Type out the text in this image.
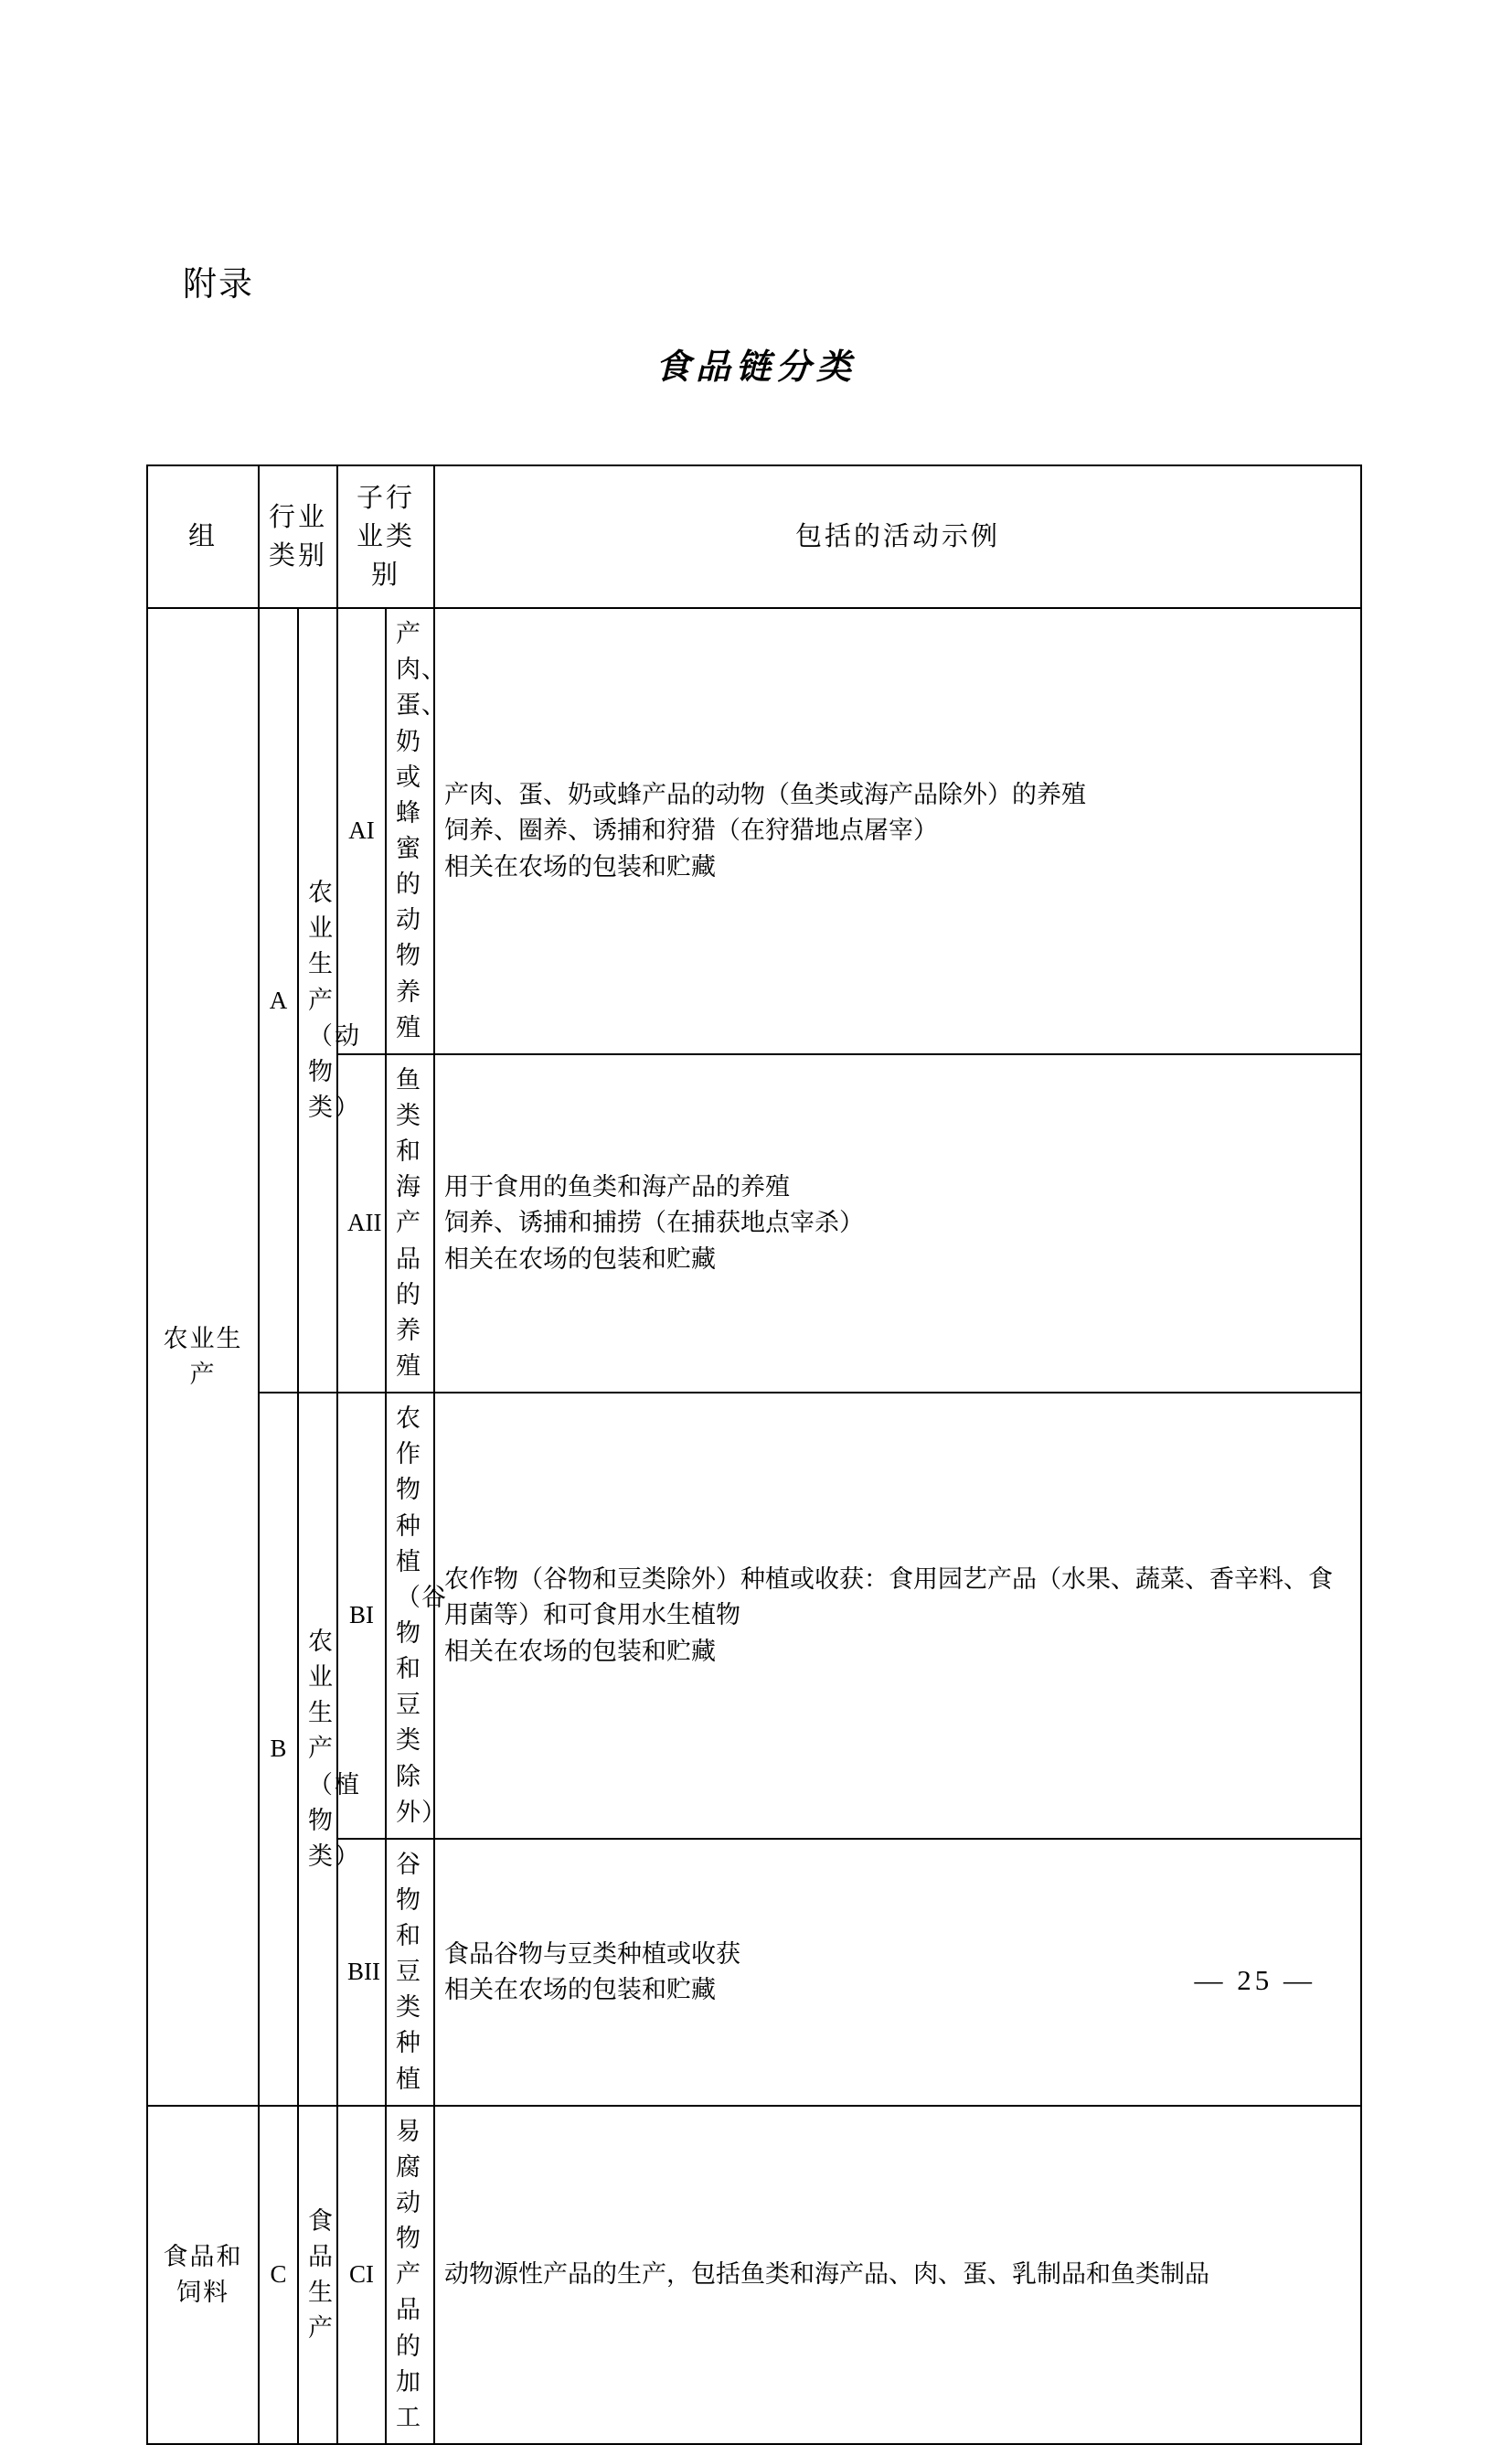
附录
食品链分类
组	行业类别		子行业类别		包括的活动示例
农业生产	A	农业生产（动物类）	AI	产肉、蛋、奶或蜂蜜的动物养殖	产肉、蛋、奶或蜂产品的动物（鱼类或海产品除外）的养殖
饲养、圈养、诱捕和狩猎（在狩猎地点屠宰）
相关在农场的包装和贮藏

			AII	鱼类和海产品的养殖	用于食用的鱼类和海产品的养殖
饲养、诱捕和捕捞（在捕获地点宰杀）
相关在农场的包装和贮藏

	B	农业生产（植物类）	BI	农作物种植（谷物和豆类除外）	农作物（谷物和豆类除外）种植或收获：食用园艺产品（水果、蔬菜、香辛料、食用菌等）和可食用水生植物
相关在农场的包装和贮藏

			BII	谷物和豆类种植	食品谷物与豆类种植或收获
相关在农场的包装和贮藏

食品和饲料	C	食品生产	CI	易腐动物产品的加工	动物源性产品的生产，包括鱼类和海产品、肉、蛋、乳制品和鱼类制品
— 25 —
